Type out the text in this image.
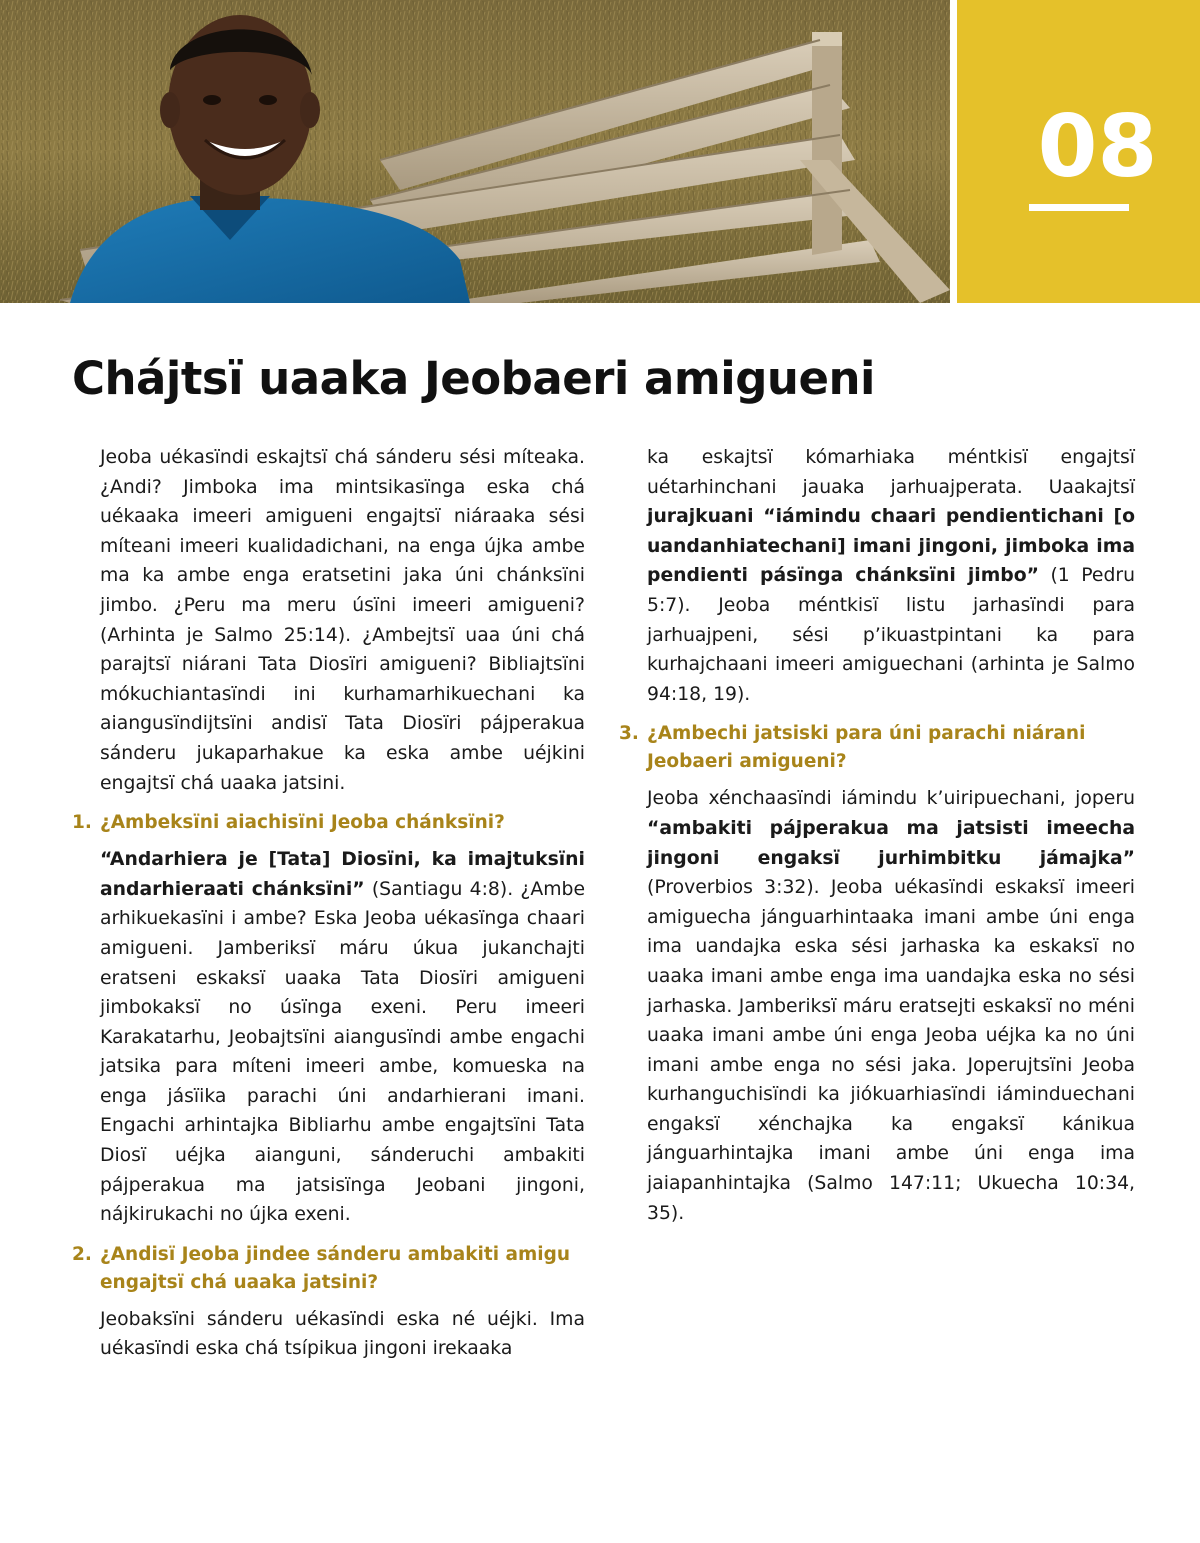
08
Chájtsï uaaka Jeobaeri amigueni

Jeoba uékasïndi eskajtsï chá sánderu sési míteaka. ¿Andi? Jimboka ima mintsikasïnga eska chá uékaaka imeeri amigueni engajtsï niáraaka sési míteani imeeri kualidadichani, na enga újka ambe ma ka ambe enga eratsetini jaka úni chánksïni jimbo. ¿Peru ma meru úsïni imeeri amigueni? (Arhinta je Salmo 25:14). ¿Ambejtsï uaa úni chá parajtsï niárani Tata Diosïri amigueni? Bibliajtsïni mókuchiantasïndi ini kurhamarhikuechani ka aiangusïndijtsïni andisï Tata Diosïri pájperakua sánderu jukaparhakue ka eska ambe uéjkini engajtsï chá uaaka jatsini.

1. ¿Ambeksïni aiachisïni Jeoba chánksïni?

“Andarhiera je [Tata] Diosïni, ka imajtuksïni andarhieraati chánksïni” (Santiagu 4:8). ¿Ambe arhikuekasïni i ambe? Eska Jeoba uékasïnga chaari amigueni. Jamberiksï máru úkua jukanchajti eratseni eskaksï uaaka Tata Diosïri amigueni jimbokaksï no úsïnga exeni. Peru imeeri Karakatarhu, Jeobajtsïni aiangusïndi ambe engachi jatsika para míteni imeeri ambe, komueska na enga jásïika parachi úni andarhierani imani. Engachi arhintajka Bibliarhu ambe engajtsïni Tata Diosï uéjka aianguni, sánderuchi ambakiti pájperakua ma jatsisïnga Jeobani jingoni, nájkirukachi no újka exeni.

2. ¿Andisï Jeoba jindee sánderu ambakiti amigu engajtsï chá uaaka jatsini?

Jeobaksïni sánderu uékasïndi eska né uéjki. Ima uékasïndi eska chá tsípikua jingoni irekaaka

ka eskajtsï kómarhiaka méntkisï engajtsï uétarhinchani jauaka jarhuajperata. Uaakajtsï jurajkuani “iámindu chaari pendientichani [o uandanhiatechani] imani jingoni, jimboka ima pendienti pásïnga chánksïni jimbo” (1 Pedru 5:7). Jeoba méntkisï listu jarhasïndi para jarhuajpeni, sési p’ikuastpintani ka para kurhajchaani imeeri amiguechani (arhinta je Salmo 94:18, 19).

3. ¿Ambechi jatsiski para úni parachi niárani Jeobaeri amigueni?

Jeoba xénchaasïndi iámindu k’uiripuechani, joperu “ambakiti pájperakua ma jatsisti imeecha jingoni engaksï jurhimbitku jámajka” (Proverbios 3:32). Jeoba uékasïndi eskaksï imeeri amiguecha jánguarhintaaka imani ambe úni enga ima uandajka eska sési jarhaska ka eskaksï no uaaka imani ambe enga ima uandajka eska no sési jarhaska. Jamberiksï máru eratsejti eskaksï no méni uaaka imani ambe úni enga Jeoba uéjka ka no úni imani ambe enga no sési jaka. Joperujtsïni Jeoba kurhanguchisïndi ka jiókuarhiasïndi iáminduechani engaksï xénchajka ka engaksï kánikua jánguarhintajka imani ambe úni enga ima jaiapanhintajka (Salmo 147:11; Ukuecha 10:34, 35).
